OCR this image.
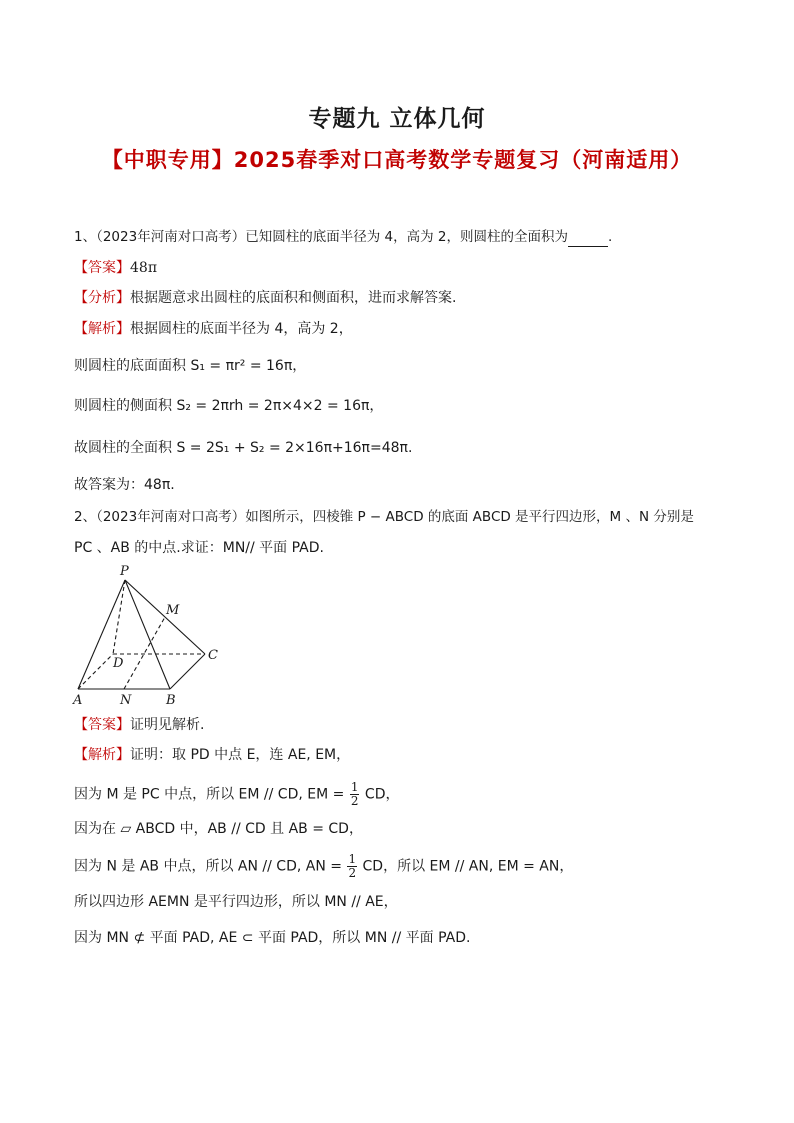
专题九 立体几何
【中职专用】2025春季对口高考数学专题复习（河南适用）
1、（2023年河南对口高考）已知圆柱的底面半径为 4，高为 2，则圆柱的全面积为	.
【答案】48π
【分析】根据题意求出圆柱的底面积和侧面积，进而求解答案.
【解析】根据圆柱的底面半径为 4，高为 2，
则圆柱的底面面积 S₁ = πr² = 16π，
则圆柱的侧面积 S₂ = 2πrh = 2π×4×2 = 16π，
故圆柱的全面积 S = 2S₁ + S₂ = 2×16π+16π=48π.
故答案为：48π.
2、（2023年河南对口高考）如图所示，四棱锥 P − ABCD 的底面 ABCD 是平行四边形，M 、N 分别是
PC 、AB 的中点.求证：MN// 平面 PAD.
P
M
D
C
A	N	B
【答案】证明见解析.
【解析】证明：取 PD 中点 E，连 AE, EM，
因为 M 是 PC 中点，所以 EM // CD, EM = $\frac{1}{2}$ CD，
因为在 ▱ ABCD 中，AB // CD 且 AB = CD，
因为 N 是 AB 中点，所以 AN // CD, AN = $\frac{1}{2}$ CD，所以 EM // AN, EM = AN，
所以四边形 AEMN 是平行四边形，所以 MN // AE，
因为 MN ⊄ 平面 PAD, AE ⊂ 平面 PAD，所以 MN // 平面 PAD.
